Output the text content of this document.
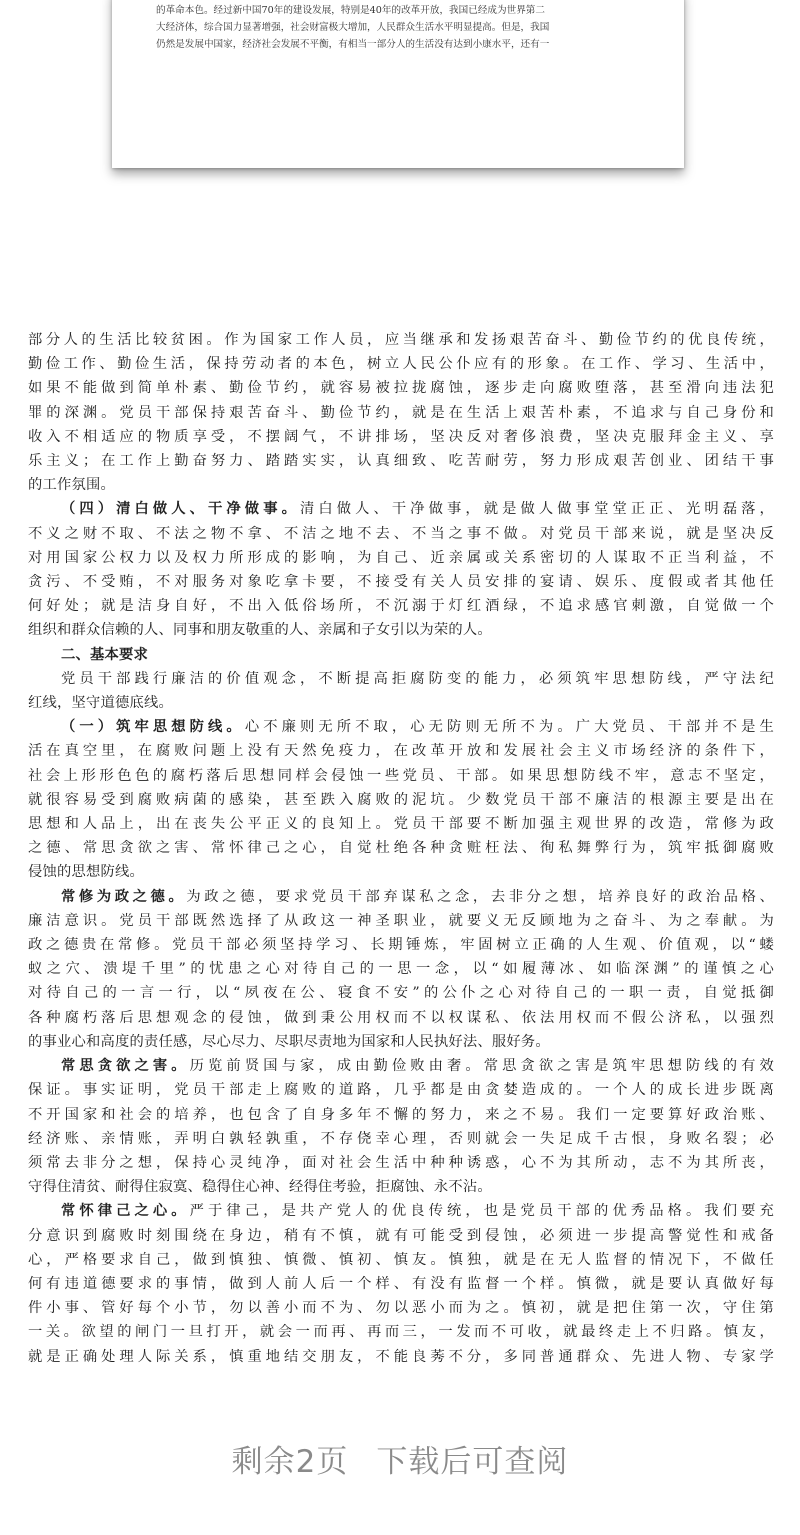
的革命本色。经过新中国70年的建设发展，特别是40年的改革开放，我国已经成为世界第二
大经济体，综合国力显著增强，社会财富极大增加，人民群众生活水平明显提高。但是，我国
仍然是发展中国家，经济社会发展不平衡，有相当一部分人的生活没有达到小康水平，还有一

部分人的生活比较贫困。作为国家工作人员，应当继承和发扬艰苦奋斗、勤俭节约的优良传统，
勤俭工作、勤俭生活，保持劳动者的本色，树立人民公仆应有的形象。在工作、学习、生活中，
如果不能做到简单朴素、勤俭节约，就容易被拉拢腐蚀，逐步走向腐败堕落，甚至滑向违法犯
罪的深渊。党员干部保持艰苦奋斗、勤俭节约，就是在生活上艰苦朴素，不追求与自己身份和
收入不相适应的物质享受，不摆阔气，不讲排场，坚决反对奢侈浪费，坚决克服拜金主义、享
乐主义；在工作上勤奋努力、踏踏实实，认真细致、吃苦耐劳，努力形成艰苦创业、团结干事
的工作氛围。

（四）清白做人、干净做事。清白做人、干净做事，就是做人做事堂堂正正、光明磊落，
不义之财不取、不法之物不拿、不洁之地不去、不当之事不做。对党员干部来说，就是坚决反
对用国家公权力以及权力所形成的影响，为自己、近亲属或关系密切的人谋取不正当利益，不
贪污、不受贿，不对服务对象吃拿卡要，不接受有关人员安排的宴请、娱乐、度假或者其他任
何好处；就是洁身自好，不出入低俗场所，不沉溺于灯红酒绿，不追求感官刺激，自觉做一个
组织和群众信赖的人、同事和朋友敬重的人、亲属和子女引以为荣的人。

二、基本要求

党员干部践行廉洁的价值观念，不断提高拒腐防变的能力，必须筑牢思想防线，严守法纪
红线，坚守道德底线。

（一）筑牢思想防线。心不廉则无所不取，心无防则无所不为。广大党员、干部并不是生
活在真空里，在腐败问题上没有天然免疫力，在改革开放和发展社会主义市场经济的条件下，
社会上形形色色的腐朽落后思想同样会侵蚀一些党员、干部。如果思想防线不牢，意志不坚定，
就很容易受到腐败病菌的感染，甚至跌入腐败的泥坑。少数党员干部不廉洁的根源主要是出在
思想和人品上，出在丧失公平正义的良知上。党员干部要不断加强主观世界的改造，常修为政
之德、常思贪欲之害、常怀律己之心，自觉杜绝各种贪赃枉法、徇私舞弊行为，筑牢抵御腐败
侵蚀的思想防线。

常修为政之德。为政之德，要求党员干部弃谋私之念，去非分之想，培养良好的政治品格、
廉洁意识。党员干部既然选择了从政这一神圣职业，就要义无反顾地为之奋斗、为之奉献。为
政之德贵在常修。党员干部必须坚持学习、长期锤炼，牢固树立正确的人生观、价值观，以“蝼
蚁之穴、溃堤千里”的忧患之心对待自己的一思一念，以“如履薄冰、如临深渊”的谨慎之心
对待自己的一言一行，以“夙夜在公、寝食不安”的公仆之心对待自己的一职一责，自觉抵御
各种腐朽落后思想观念的侵蚀，做到秉公用权而不以权谋私、依法用权而不假公济私，以强烈
的事业心和高度的责任感，尽心尽力、尽职尽责地为国家和人民执好法、服好务。

常思贪欲之害。历览前贤国与家，成由勤俭败由奢。常思贪欲之害是筑牢思想防线的有效
保证。事实证明，党员干部走上腐败的道路，几乎都是由贪婪造成的。一个人的成长进步既离
不开国家和社会的培养，也包含了自身多年不懈的努力，来之不易。我们一定要算好政治账、
经济账、亲情账，弄明白孰轻孰重，不存侥幸心理，否则就会一失足成千古恨，身败名裂；必
须常去非分之想，保持心灵纯净，面对社会生活中种种诱惑，心不为其所动，志不为其所丧，
守得住清贫、耐得住寂寞、稳得住心神、经得住考验，拒腐蚀、永不沾。

常怀律己之心。严于律己，是共产党人的优良传统，也是党员干部的优秀品格。我们要充
分意识到腐败时刻围绕在身边，稍有不慎，就有可能受到侵蚀，必须进一步提高警觉性和戒备
心，严格要求自己，做到慎独、慎微、慎初、慎友。慎独，就是在无人监督的情况下，不做任
何有违道德要求的事情，做到人前人后一个样、有没有监督一个样。慎微，就是要认真做好每
件小事、管好每个小节，勿以善小而不为、勿以恶小而为之。慎初，就是把住第一次，守住第
一关。欲望的闸门一旦打开，就会一而再、再而三，一发而不可收，就最终走上不归路。慎友，
就是正确处理人际关系，慎重地结交朋友，不能良莠不分，多同普通群众、先进人物、专家学

剩余2页 下载后可查阅
